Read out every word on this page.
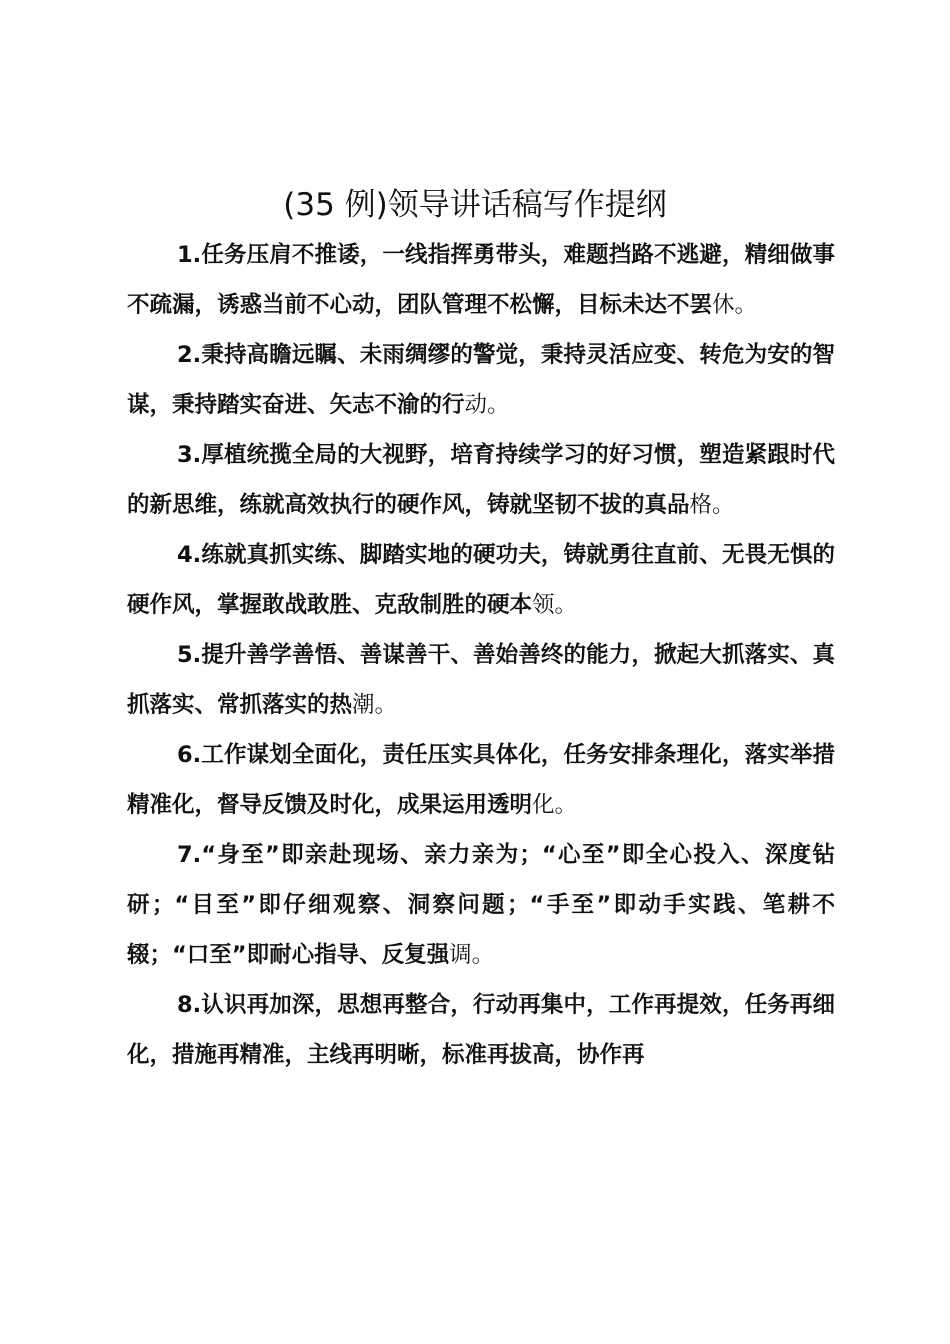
(35 例)领导讲话稿写作提纲

1.任务压肩不推诿，一线指挥勇带头，难题挡路不逃避，精细做事不疏漏，诱惑当前不心动，团队管理不松懈，目标未达不罢休。

2.秉持高瞻远瞩、未雨绸缪的警觉，秉持灵活应变、转危为安的智谋，秉持踏实奋进、矢志不渝的行动。

3.厚植统揽全局的大视野，培育持续学习的好习惯，塑造紧跟时代的新思维，练就高效执行的硬作风，铸就坚韧不拔的真品格。

4.练就真抓实练、脚踏实地的硬功夫，铸就勇往直前、无畏无惧的硬作风，掌握敢战敢胜、克敌制胜的硬本领。

5.提升善学善悟、善谋善干、善始善终的能力，掀起大抓落实、真抓落实、常抓落实的热潮。

6.工作谋划全面化，责任压实具体化，任务安排条理化，落实举措精准化，督导反馈及时化，成果运用透明化。

7.“身至”即亲赴现场、亲力亲为；“心至”即全心投入、深度钻研；“目至”即仔细观察、洞察问题；“手至”即动手实践、笔耕不辍；“口至”即耐心指导、反复强调。

8.认识再加深，思想再整合，行动再集中，工作再提效，任务再细化，措施再精准，主线再明晰，标准再拔高，协作再
